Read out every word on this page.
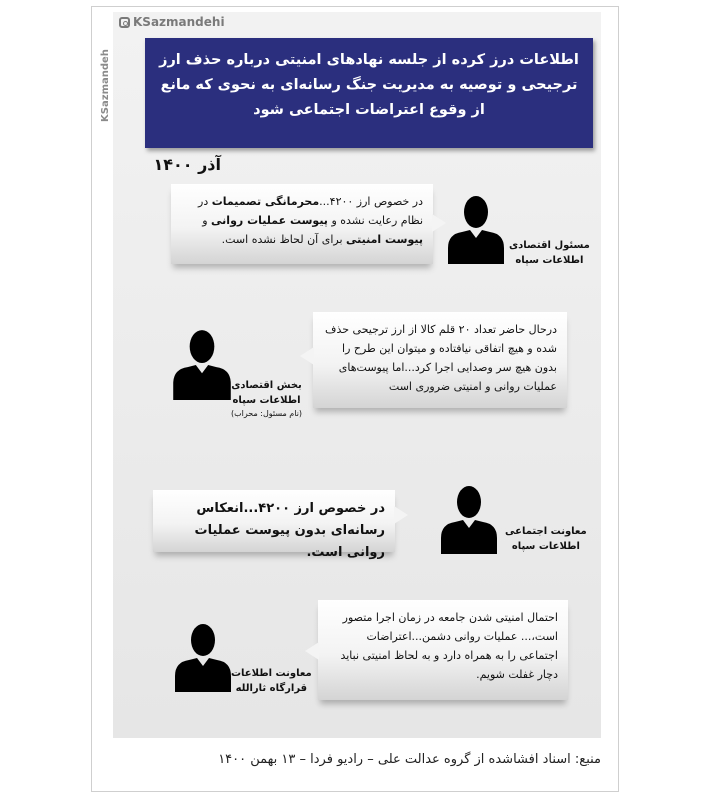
KSazmandehi
KSazmandeh	اطلاعات درز کرده از جلسه نهادهای امنیتی درباره حذف ارز ترجیحی و توصیه به مدیریت جنگ رسانه‌ای به نحوی که مانع از وقوع اعتراضات اجتماعی شود
آذر ۱۴۰۰
در خصوص ارز ۴۲۰۰...محرمانگی تصمیمات در نظام رعایت نشده و پیوست عملیات روانی و پیوست امنیتی برای آن لحاظ نشده است.	مسئول اقتصادی
اطلاعات سپاه
درحال حاضر تعداد ۲۰ قلم کالا از ارز ترجیحی حذف شده و هیچ اتفاقی نیافتاده و میتوان این طرح را بدون هیچ سر وصدایی اجرا کرد...اما پیوست‌های عملیات روانی و امنیتی ضروری است
بخش اقتصادی
اطلاعات سپاه
(نام مسئول: محراب)
در خصوص ارز ۴۲۰۰...انعکاس رسانه‌ای بدون پیوست عملیات روانی است.
معاونت اجتماعی
اطلاعات سپاه
احتمال امنیتی شدن جامعه در زمان اجرا متصور است،... عملیات روانی دشمن...اعتراضات اجتماعی را به همراه دارد و به لحاظ امنیتی نباید دچار غفلت شویم.
معاونت اطلاعات
قرارگاه ثارالله
منبع: اسناد افشاشده از گروه عدالت علی – رادیو فردا – ۱۳ بهمن ۱۴۰۰
